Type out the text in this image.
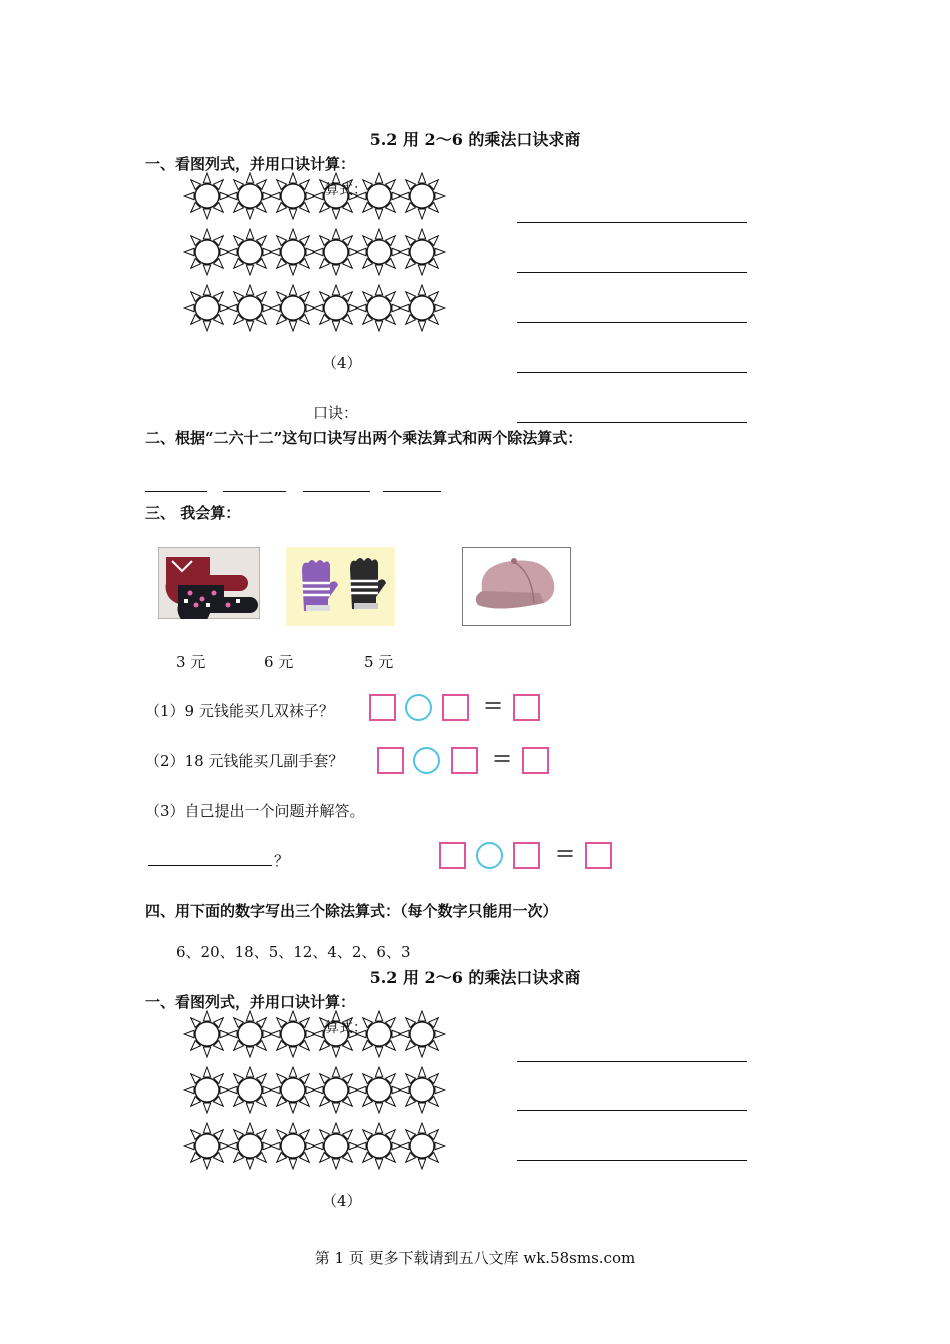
5.2 用 2～6 的乘法口诀求商
一、看图列式，并用口诀计算：
算式：
（4）
口诀：
二、根据“二六十二”这句口诀写出两个乘法算式和两个除法算式：
三、 我会算：
3 元	6 元	5 元
（1）9 元钱能买几双袜子？	=
（2）18 元钱能买几副手套？	=
（3）自己提出一个问题并解答。
？	=
四、用下面的数字写出三个除法算式：（每个数字只能用一次）
6、20、18、5、12、4、2、6、3
5.2 用 2～6 的乘法口诀求商
一、看图列式，并用口诀计算：
算式：
（4）
第 1 页 更多下载请到五八文库 wk.58sms.com
